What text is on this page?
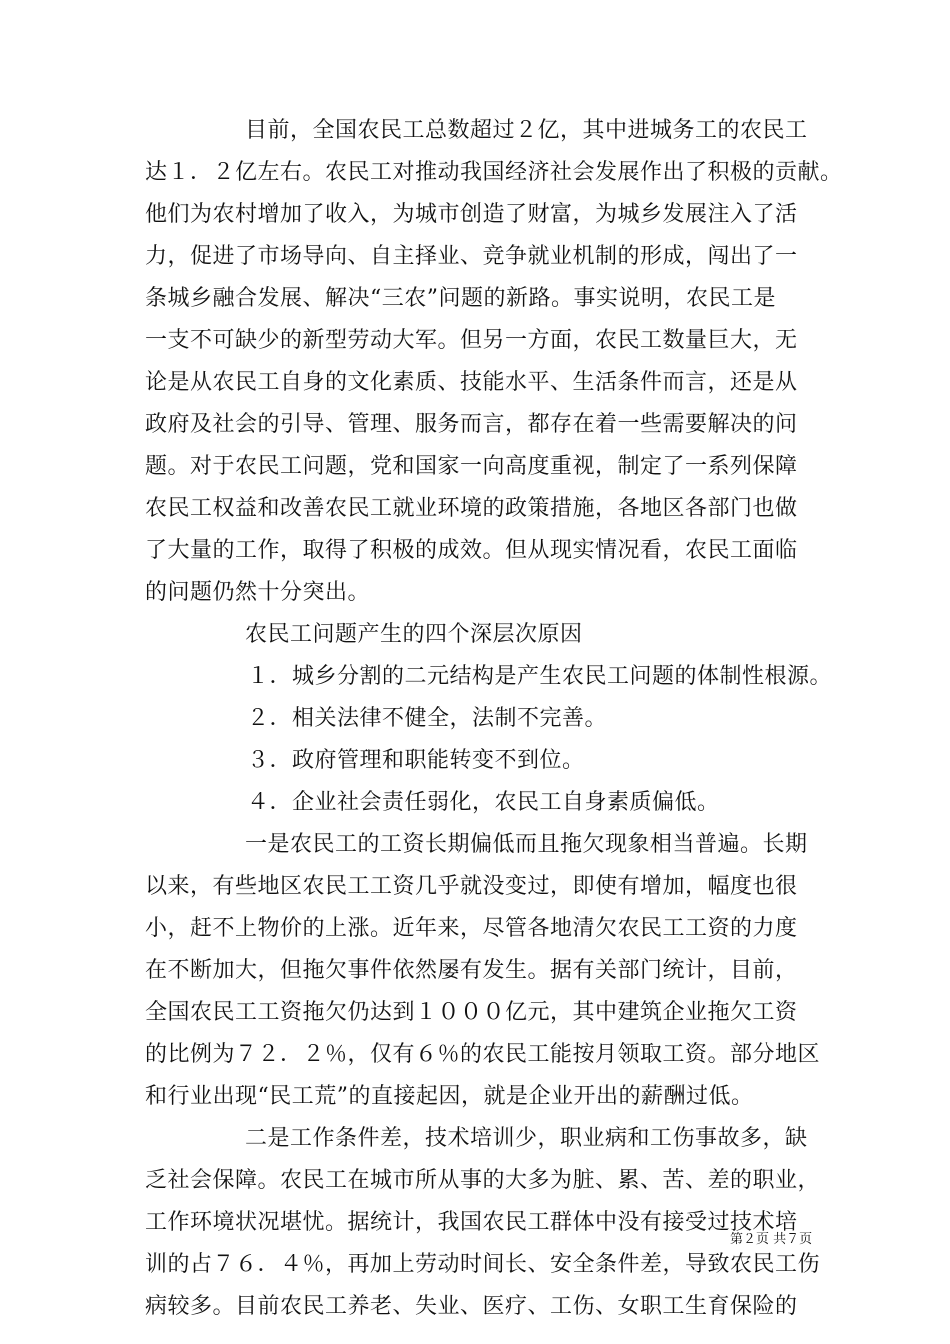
目前，全国农民工总数超过２亿，其中进城务工的农民工
达１．２亿左右。农民工对推动我国经济社会发展作出了积极的贡献。
他们为农村增加了收入，为城市创造了财富，为城乡发展注入了活
力，促进了市场导向、自主择业、竞争就业机制的形成，闯出了一
条城乡融合发展、解决“三农”问题的新路。事实说明，农民工是
一支不可缺少的新型劳动大军。但另一方面，农民工数量巨大，无
论是从农民工自身的文化素质、技能水平、生活条件而言，还是从
政府及社会的引导、管理、服务而言，都存在着一些需要解决的问
题。对于农民工问题，党和国家一向高度重视，制定了一系列保障
农民工权益和改善农民工就业环境的政策措施，各地区各部门也做
了大量的工作，取得了积极的成效。但从现实情况看，农民工面临
的问题仍然十分突出。
农民工问题产生的四个深层次原因
１．城乡分割的二元结构是产生农民工问题的体制性根源。
２．相关法律不健全，法制不完善。
３．政府管理和职能转变不到位。
４．企业社会责任弱化，农民工自身素质偏低。
一是农民工的工资长期偏低而且拖欠现象相当普遍。长期
以来，有些地区农民工工资几乎就没变过，即使有增加，幅度也很
小，赶不上物价的上涨。近年来，尽管各地清欠农民工工资的力度
在不断加大，但拖欠事件依然屡有发生。据有关部门统计，目前，
全国农民工工资拖欠仍达到１０００亿元，其中建筑企业拖欠工资
的比例为７２．２％，仅有６％的农民工能按月领取工资。部分地区
和行业出现“民工荒”的直接起因，就是企业开出的薪酬过低。
二是工作条件差，技术培训少，职业病和工伤事故多，缺
乏社会保障。农民工在城市所从事的大多为脏、累、苦、差的职业，
工作环境状况堪忧。据统计，我国农民工群体中没有接受过技术培
训的占７６．４％，再加上劳动时间长、安全条件差，导致农民工伤
病较多。目前农民工养老、失业、医疗、工伤、女职工生育保险的
第２页 共７页
